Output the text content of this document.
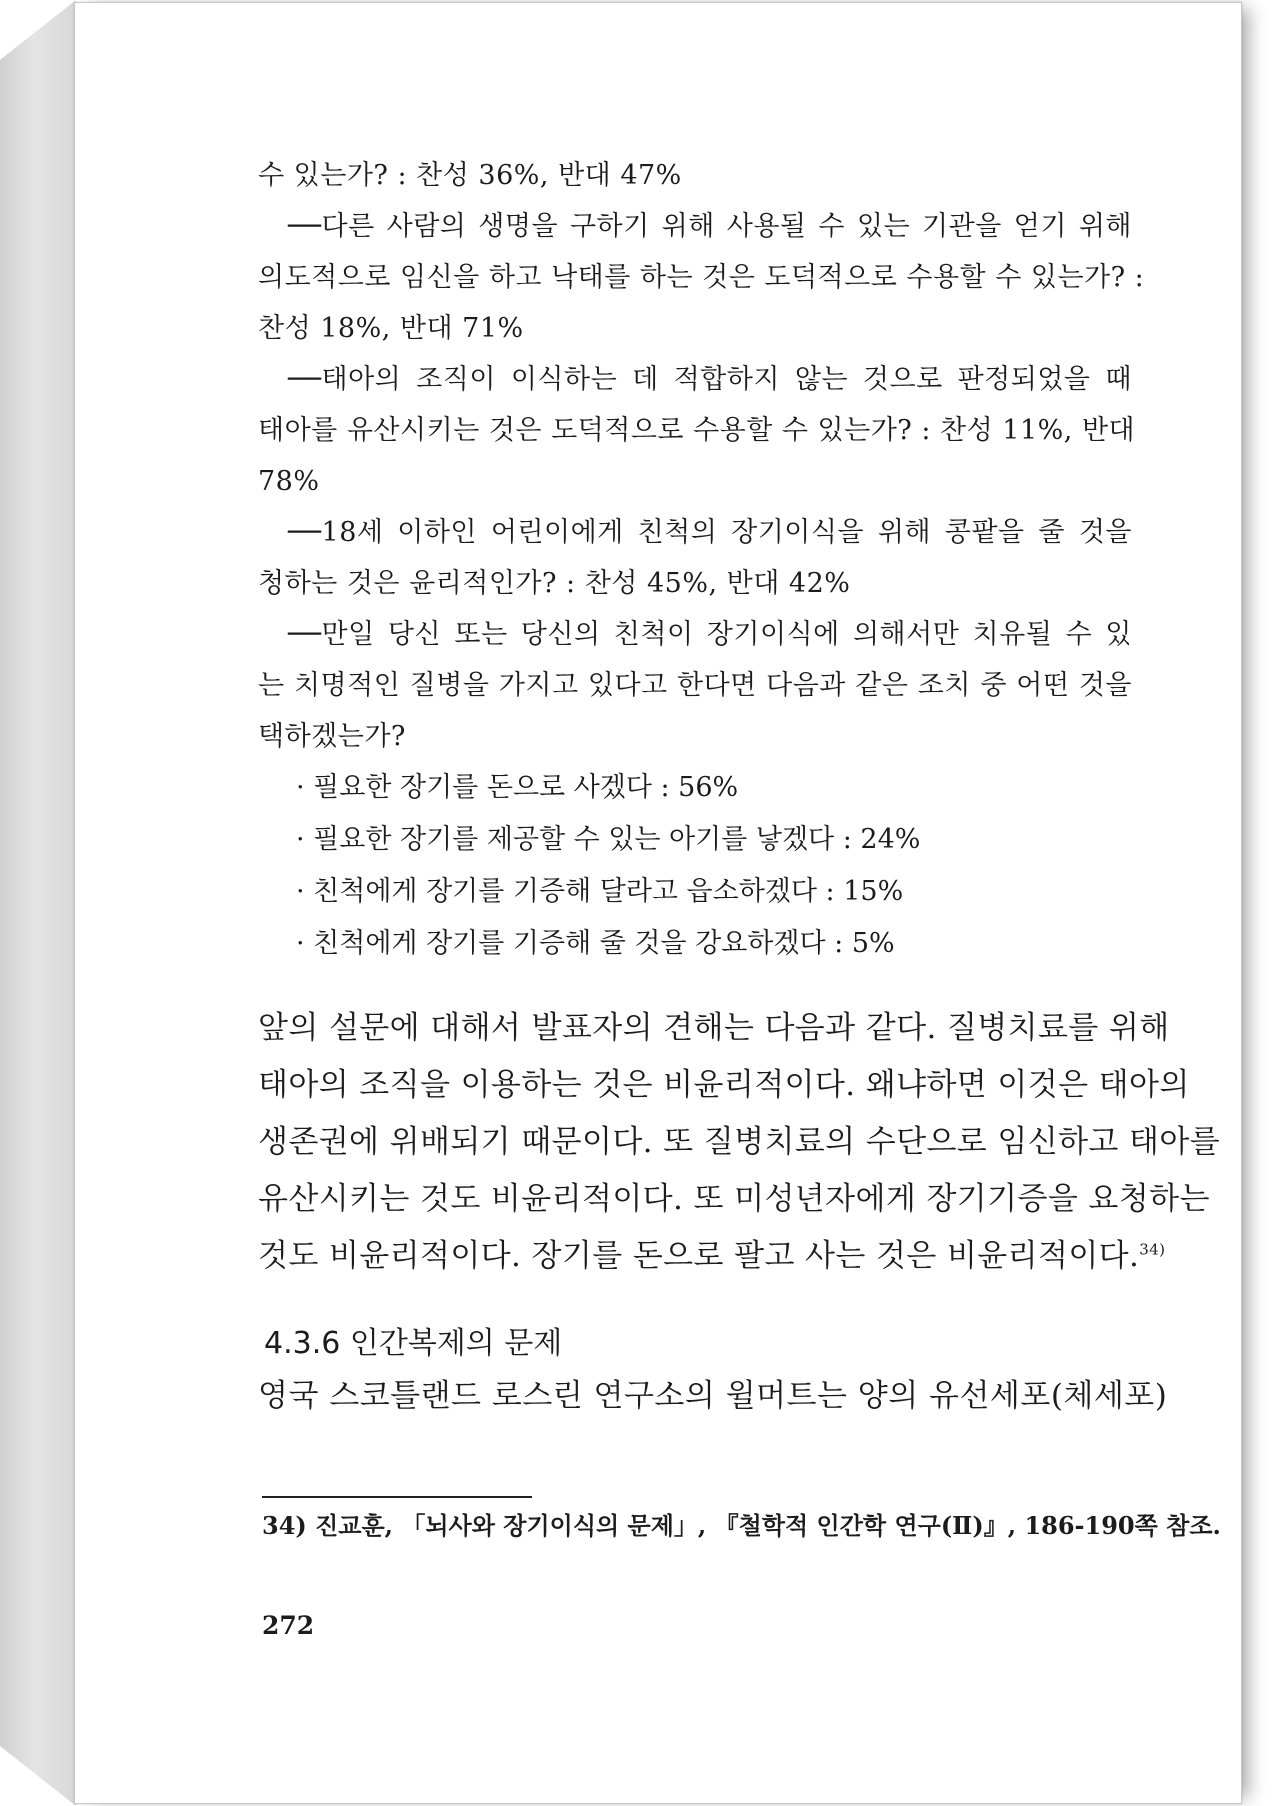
수 있는가? : 찬성 36%, 반대 47%
──다른 사람의 생명을 구하기 위해 사용될 수 있는 기관을 얻기 위해
의도적으로 임신을 하고 낙태를 하는 것은 도덕적으로 수용할 수 있는가? :
찬성 18%, 반대 71%
──태아의 조직이 이식하는 데 적합하지 않는 것으로 판정되었을 때
태아를 유산시키는 것은 도덕적으로 수용할 수 있는가? : 찬성 11%, 반대
78%
──18세 이하인 어린이에게 친척의 장기이식을 위해 콩팥을 줄 것을
청하는 것은 윤리적인가? : 찬성 45%, 반대 42%
──만일 당신 또는 당신의 친척이 장기이식에 의해서만 치유될 수 있
는 치명적인 질병을 가지고 있다고 한다면 다음과 같은 조치 중 어떤 것을
택하겠는가?
· 필요한 장기를 돈으로 사겠다 : 56%
· 필요한 장기를 제공할 수 있는 아기를 낳겠다 : 24%
· 친척에게 장기를 기증해 달라고 읍소하겠다 : 15%
· 친척에게 장기를 기증해 줄 것을 강요하겠다 : 5%
앞의 설문에 대해서 발표자의 견해는 다음과 같다. 질병치료를 위해
태아의 조직을 이용하는 것은 비윤리적이다. 왜냐하면 이것은 태아의
생존권에 위배되기 때문이다. 또 질병치료의 수단으로 임신하고 태아를
유산시키는 것도 비윤리적이다. 또 미성년자에게 장기기증을 요청하는
것도 비윤리적이다. 장기를 돈으로 팔고 사는 것은 비윤리적이다.$^{34)}$
4.3.6 인간복제의 문제
영국 스코틀랜드 로스린 연구소의 윌머트는 양의 유선세포(체세포)
34) 진교훈, 「뇌사와 장기이식의 문제」, 『철학적 인간학 연구(Ⅱ)』, 186-190쪽 참조.
272
